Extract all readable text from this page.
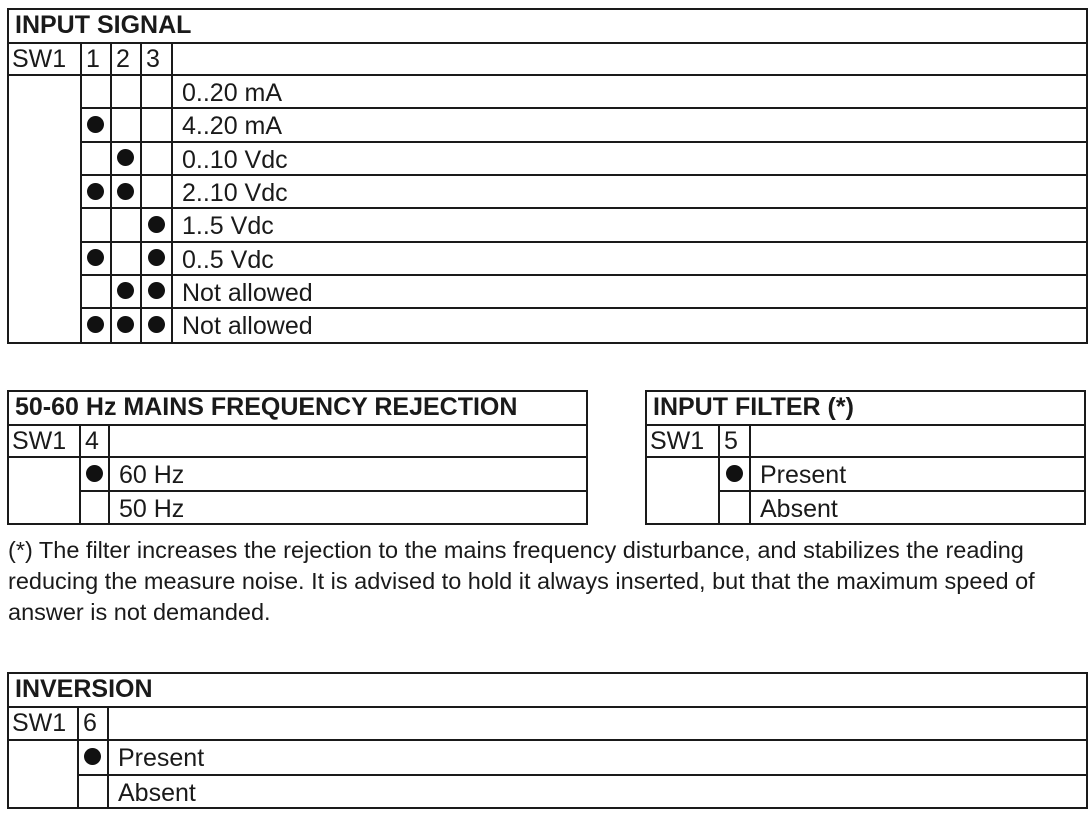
INPUT SIGNAL
SW1 1 2 3
0..20 mA
4..20 mA
0..10 Vdc
2..10 Vdc
1..5 Vdc
0..5 Vdc
Not allowed
Not allowed
50-60 Hz MAINS FREQUENCY REJECTION
SW1 4
60 Hz
50 Hz
INPUT FILTER (*)
SW1 5
Present
Absent
(*) The filter increases the rejection to the mains frequency disturbance, and stabilizes the reading reducing the measure noise. It is advised to hold it always inserted, but that the maximum speed of answer is not demanded.
INVERSION
SW1 6
Present
Absent
